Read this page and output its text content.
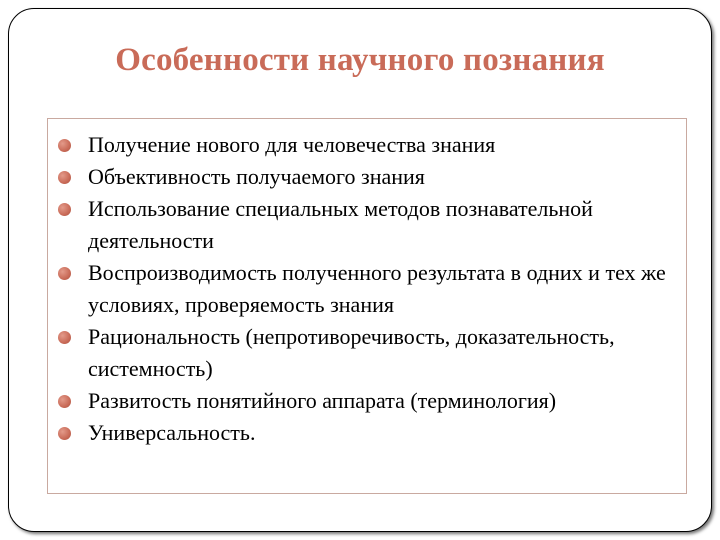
Особенности научного познания
Получение нового для человечества знания
Объективность получаемого знания
Использование специальных методов познавательной деятельности
Воспроизводимость полученного результата в одних и тех же условиях, проверяемость знания
Рациональность (непротиворечивость, доказательность, системность)
Развитость понятийного аппарата (терминология)
Универсальность.
